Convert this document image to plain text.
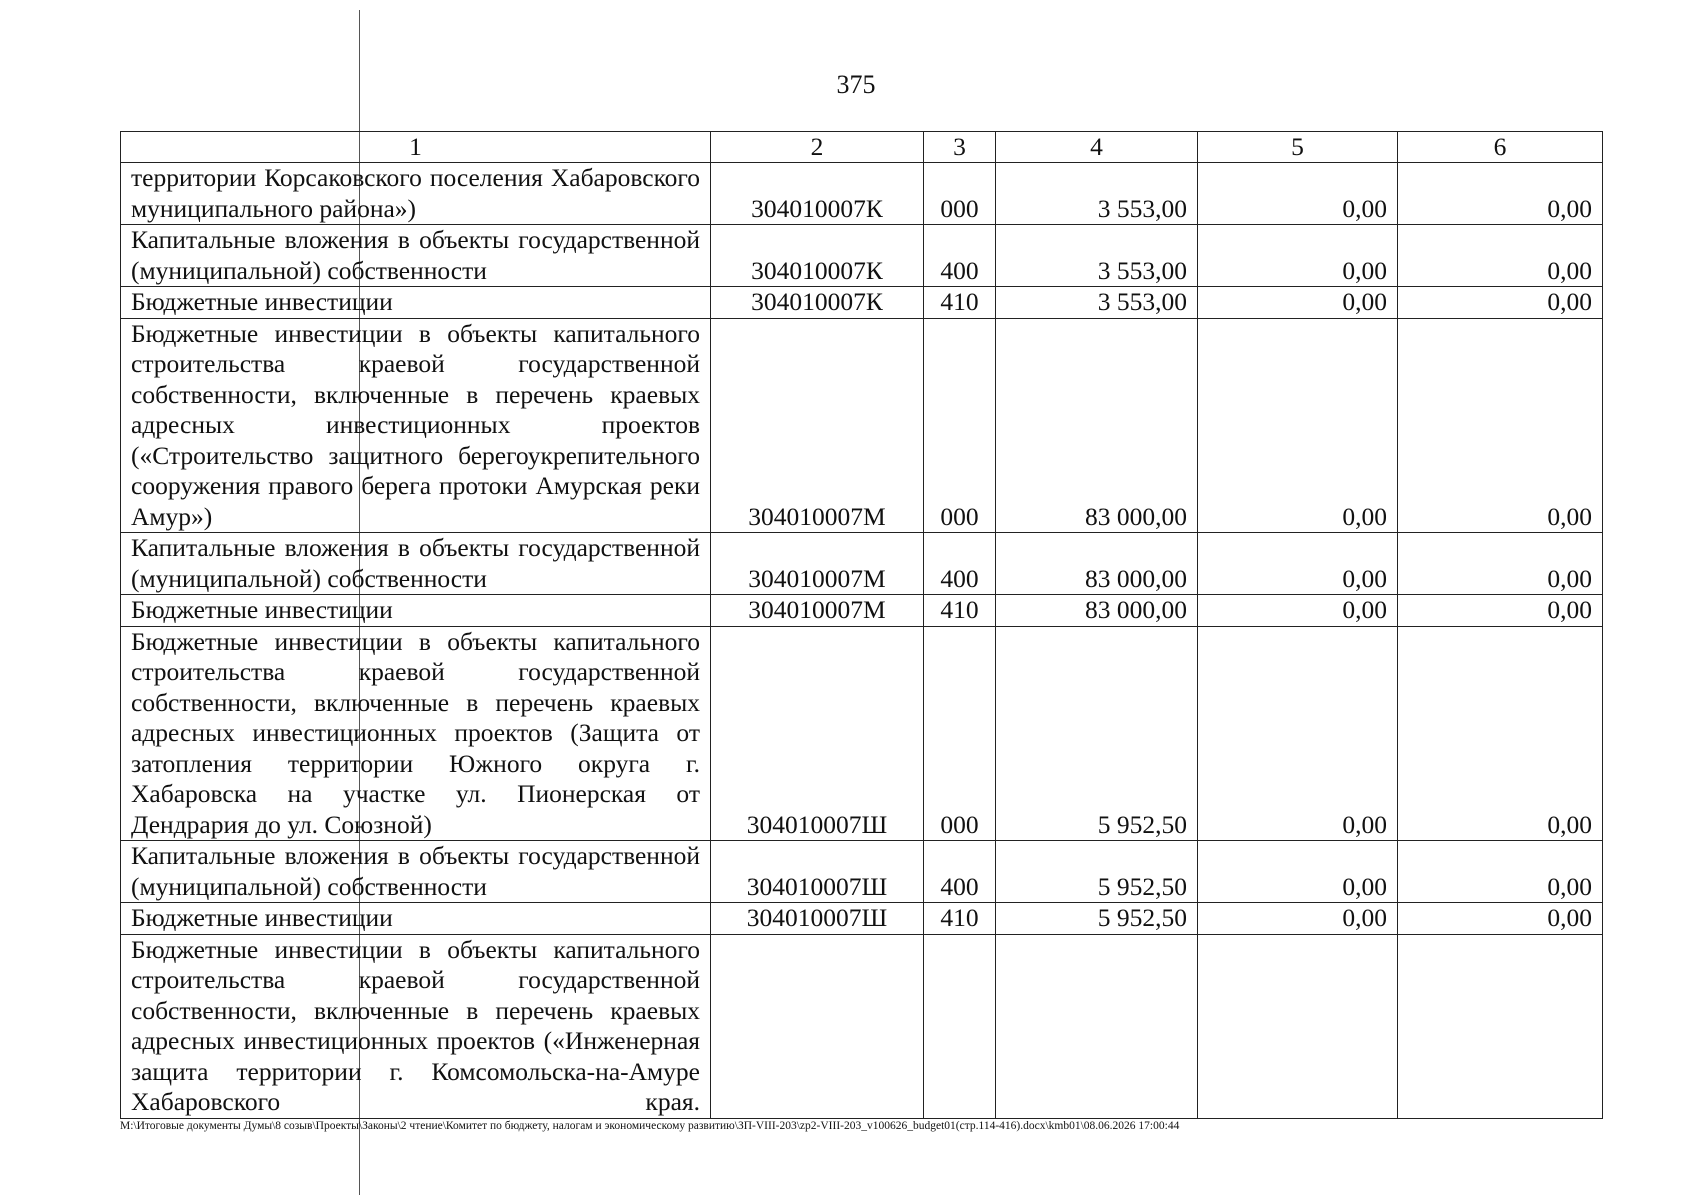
375
1	2	3	4	5	6
территории Корсаковского поселения Хабаровского муниципального района»)	304010007К	000	3 553,00	0,00	0,00
Капитальные вложения в объекты государственной (муниципальной) собственности	304010007К	400	3 553,00	0,00	0,00
Бюджетные инвестиции	304010007К	410	3 553,00	0,00	0,00
Бюджетные инвестиции в объекты капитального строительства краевой государственной собственности, включенные в перечень краевых адресных инвестиционных проектов («Строительство защитного берегоукрепительного сооружения правого берега протоки Амурская реки Амур»)	304010007М	000	83 000,00	0,00	0,00
Капитальные вложения в объекты государственной (муниципальной) собственности	304010007М	400	83 000,00	0,00	0,00
Бюджетные инвестиции	304010007М	410	83 000,00	0,00	0,00
Бюджетные инвестиции в объекты капитального строительства краевой государственной собственности, включенные в перечень краевых адресных инвестиционных проектов (Защита от затопления территории Южного округа г. Хабаровска на участке ул. Пионерская от Дендрария до ул. Союзной)	304010007Ш	000	5 952,50	0,00	0,00
Капитальные вложения в объекты государственной (муниципальной) собственности	304010007Ш	400	5 952,50	0,00	0,00
Бюджетные инвестиции	304010007Ш	410	5 952,50	0,00	0,00
Бюджетные инвестиции в объекты капитального строительства краевой государственной собственности, включенные в перечень краевых адресных инвестиционных проектов («Инженерная защита территории г. Комсомольска-на-Амуре Хабаровского края.					
M:\Итоговые документы Думы\8 созыв\Проекты\Законы\2 чтение\Комитет по бюджету, налогам и экономическому развитию\ЗП-VIII-203\zp2-VIII-203_v100626_budget01(стр.114-416).docx\kmb01\08.06.2026 17:00:44
